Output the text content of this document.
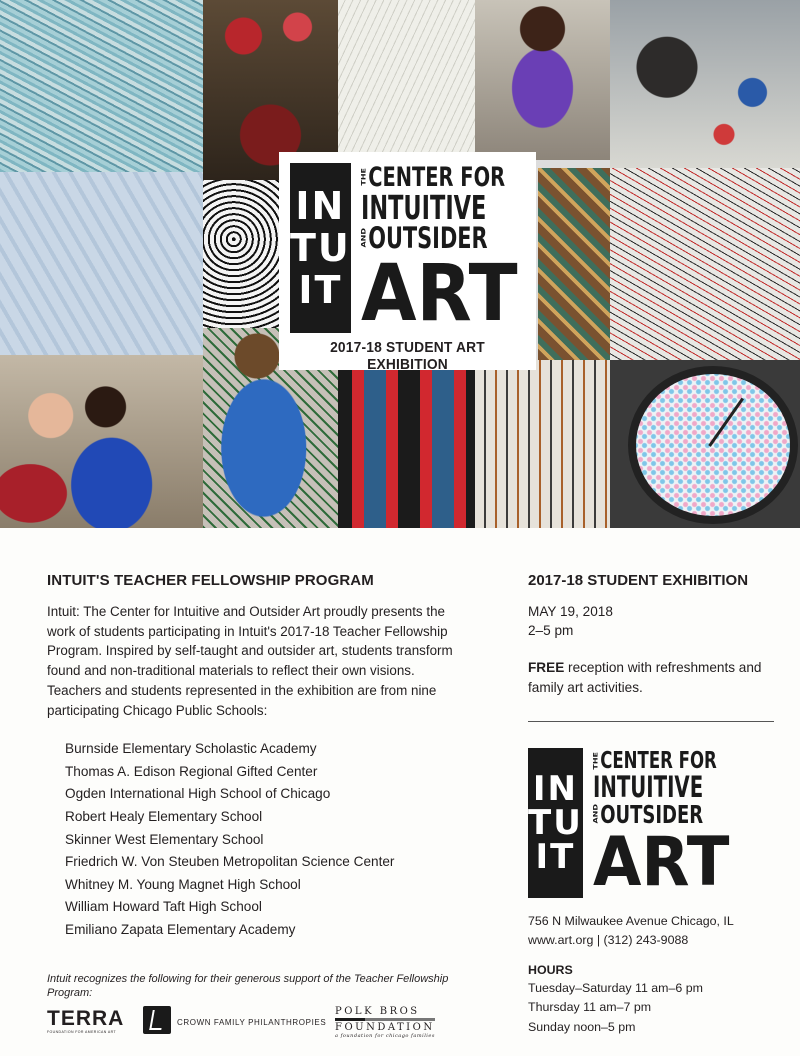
IN
TU
IT
THE CENTER FOR
INTUITIVE
AND OUTSIDER
ART
2017-18 STUDENT ART EXHIBITION
INTUIT'S TEACHER FELLOWSHIP PROGRAM

Intuit: The Center for Intuitive and Outsider Art proudly presents the work of students participating in Intuit's 2017-18 Teacher Fellowship Program. Inspired by self-taught and outsider art, students transform found and non-traditional materials to reflect their own visions. Teachers and students represented in the exhibition are from nine participating Chicago Public Schools:

Burnside Elementary Scholastic Academy
Thomas A. Edison Regional Gifted Center
Ogden International High School of Chicago
Robert Healy Elementary School
Skinner West Elementary School
Friedrich W. Von Steuben Metropolitan Science Center
Whitney M. Young Magnet High School
William Howard Taft High School
Emiliano Zapata Elementary Academy

Intuit recognizes the following for their generous support of the Teacher Fellowship Program:

TERRA
FOUNDATION FOR AMERICAN ART
CROWN FAMILY PHILANTHROPIES
POLK BROS
FOUNDATION
a foundation for chicago families
2017-18 STUDENT EXHIBITION
MAY 19, 2018
2–5 pm

FREE reception with refreshments and family art activities.

IN
TU
IT
THE CENTER FOR
INTUITIVE
AND OUTSIDER
ART
756 N Milwaukee Avenue Chicago, IL
www.art.org | (312) 243-9088
HOURS
Tuesday–Saturday 11 am–6 pm
Thursday 11 am–7 pm
Sunday noon–5 pm
